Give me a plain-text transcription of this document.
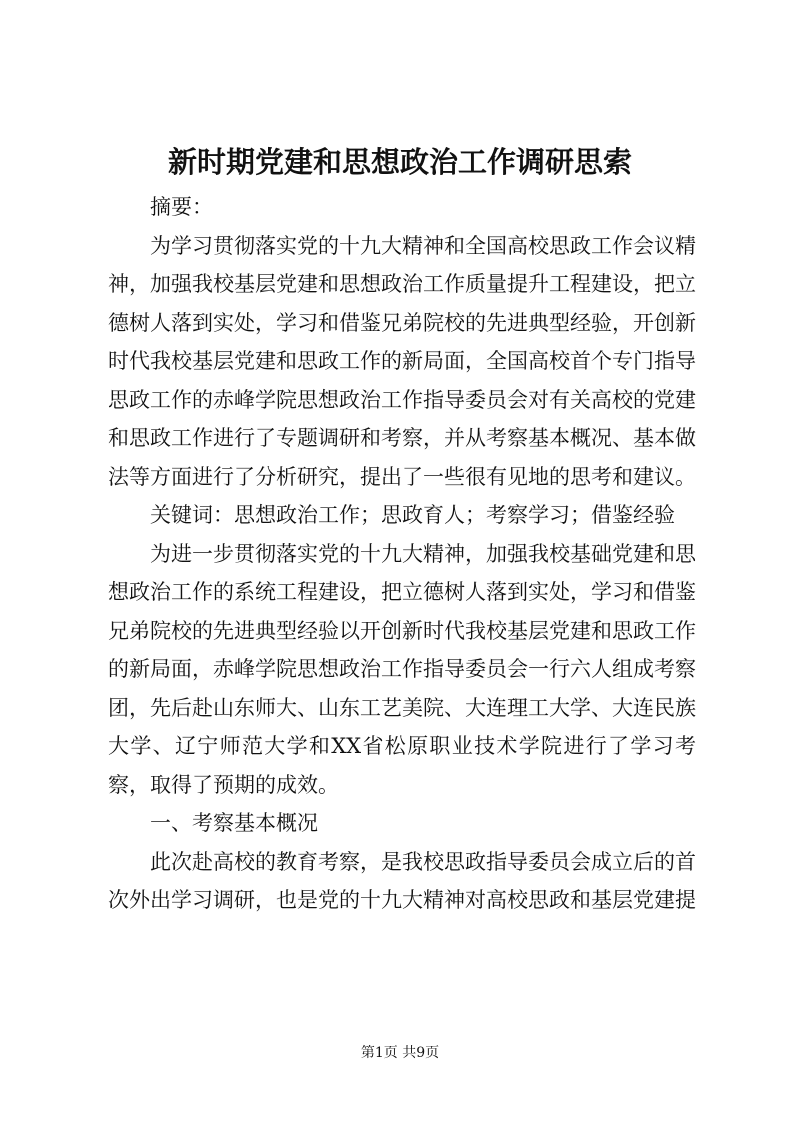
新时期党建和思想政治工作调研思索

摘要：

为学习贯彻落实党的十九大精神和全国高校思政工作会议精神，加强我校基层党建和思想政治工作质量提升工程建设，把立德树人落到实处，学习和借鉴兄弟院校的先进典型经验，开创新时代我校基层党建和思政工作的新局面，全国高校首个专门指导思政工作的赤峰学院思想政治工作指导委员会对有关高校的党建和思政工作进行了专题调研和考察，并从考察基本概况、基本做法等方面进行了分析研究，提出了一些很有见地的思考和建议。

关键词：思想政治工作；思政育人；考察学习；借鉴经验

为进一步贯彻落实党的十九大精神，加强我校基础党建和思想政治工作的系统工程建设，把立德树人落到实处，学习和借鉴兄弟院校的先进典型经验以开创新时代我校基层党建和思政工作的新局面，赤峰学院思想政治工作指导委员会一行六人组成考察团，先后赴山东师大、山东工艺美院、大连理工大学、大连民族大学、辽宁师范大学和XX省松原职业技术学院进行了学习考察，取得了预期的成效。

一、考察基本概况

此次赴高校的教育考察，是我校思政指导委员会成立后的首次外出学习调研，也是党的十九大精神对高校思政和基层党建提

第1页 共9页
